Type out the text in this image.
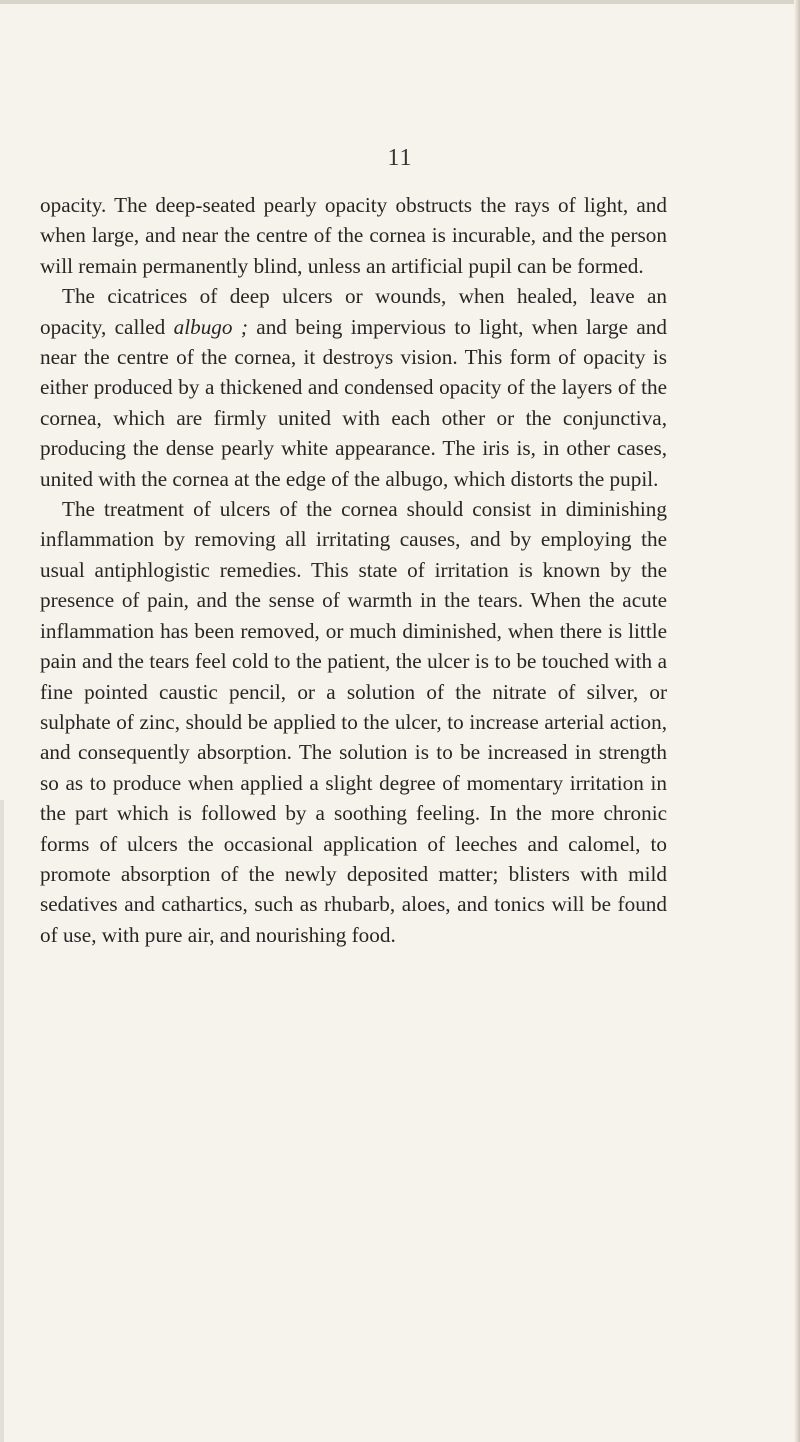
11

opacity. The deep-seated pearly opacity obstructs the rays of light, and when large, and near the centre of the cornea is incurable, and the person will remain permanently blind, unless an artificial pupil can be formed.

The cicatrices of deep ulcers or wounds, when healed, leave an opacity, called albugo ; and being impervious to light, when large and near the centre of the cornea, it destroys vision. This form of opacity is either produced by a thickened and condensed opacity of the layers of the cornea, which are firmly united with each other or the conjunctiva, producing the dense pearly white appearance. The iris is, in other cases, united with the cornea at the edge of the albugo, which distorts the pupil.

The treatment of ulcers of the cornea should consist in diminishing inflammation by removing all irritating causes, and by employing the usual antiphlogistic remedies. This state of irritation is known by the presence of pain, and the sense of warmth in the tears. When the acute inflammation has been removed, or much diminished, when there is little pain and the tears feel cold to the patient, the ulcer is to be touched with a fine pointed caustic pencil, or a solution of the nitrate of silver, or sulphate of zinc, should be applied to the ulcer, to increase arterial action, and consequently absorption. The solution is to be increased in strength so as to produce when applied a slight degree of momentary irritation in the part which is followed by a soothing feeling. In the more chronic forms of ulcers the occasional application of leeches and calomel, to promote absorption of the newly deposited matter; blisters with mild sedatives and cathartics, such as rhubarb, aloes, and tonics will be found of use, with pure air, and nourishing food.
